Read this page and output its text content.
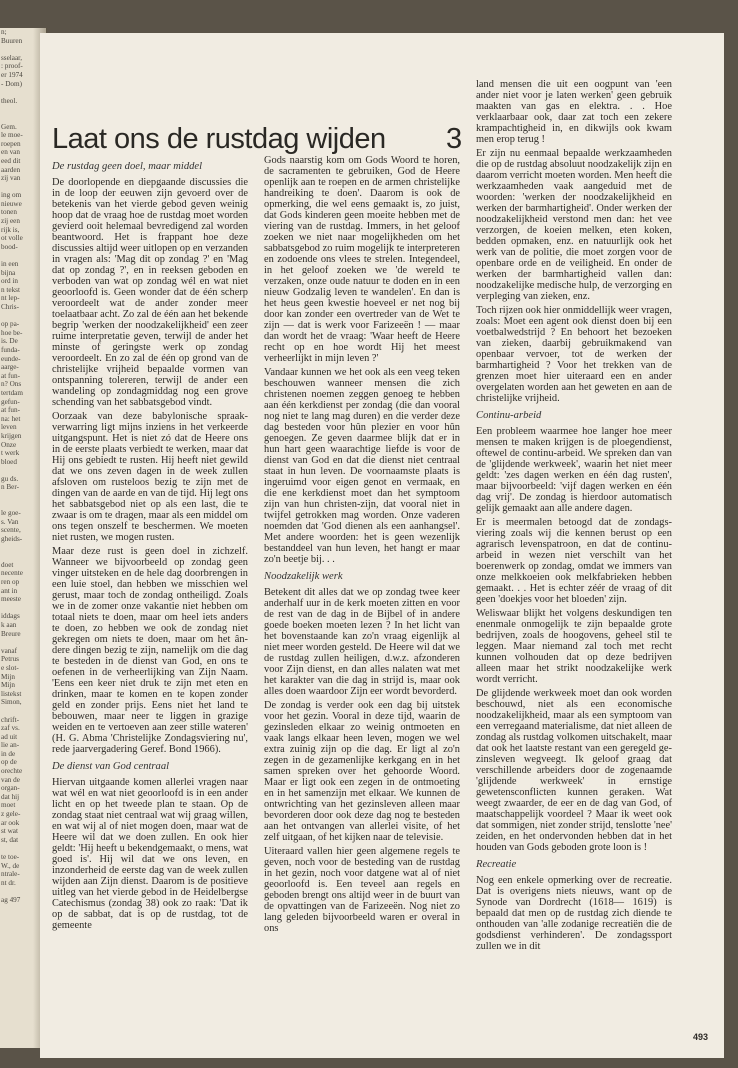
n;
Buuren

sselaar,
: proof-
er 1974
- Dom)

theol.

Gem.
le moe-
roepen
en van
eed dit
aarden
zij van

ing om
nieuwe
tonen
zij een
rijk is,
ot volle
bood-

in een
bijna
ord in
n tekst
nt lep-
Chris-

op pa-
hoe be-
is. De
funda-
eunde-
aarge-
at fun-
n? Ons
tertdam
gefun-
at fun-
na: het
leven
krijgen
Onze
t werk
bloed

gu ds.
n Ber-

le goe-
s. Van
scente,
gheids-

doet
necente
ren op
ant in
meeste

iddags
k aan
Breure

vanaf
Petrus
e slot-
Mijn
Mijn
listekst
Simon,

chrift-
zaf vs.
ad uit
lie an-
in de
op de
orechte
van de
organ-
dat hij
moet
z gele-
ar ook
st wat
st, dat

te toe-
W., de
ntrale-
nt dr.

ag 497
Laat ons de rustdag wijden 3
De rustdag geen doel, maar middel

De doorlopende en diepgaande discussies die in de loop der eeuwen zijn gevoerd over de betekenis van het vierde gebod geven weinig hoop dat de vraag hoe de rustdag moet worden gevierd ooit helemaal bevredigend zal worden beantwoord. Het is frappant hoe deze discussies altijd weer uitlopen op en verzanden in vragen als: 'Mag dit op zondag ?' en 'Mag dat op zondag ?', en in reeksen geboden en verboden van wat op zondag wél en wat niet geoorloofd is. Geen wonder dat de één scherp veroordeelt wat de ander zonder meer toelaatbaar acht. Zo zal de één aan het bekende begrip 'werken der noodzakelijkheid' een zeer ruime interpretatie geven, terwijl de ander het minste of geringste werk op zondag veroordeelt. En zo zal de één op grond van de christelijke vrijheid bepaalde vormen van ontspanning tolereren, terwijl de ander een wandeling op zondagmiddag nog een grove schending van het sabbatsgebod vindt.

Oorzaak van deze babylonische spraakverwarring ligt mijns inziens in het verkeerde uitgangspunt. Het is niet zó dat de Heere ons in de eerste plaats verbiedt te werken, maar dat Hij ons gebiedt te rusten. Hij heeft niet gewild dat we ons zeven dagen in de week zullen afsloven om rusteloos bezig te zijn met de dingen van de aarde en van de tijd. Hij legt ons het sabbatsgebod niet op als een last, die te zwaar is om te dragen, maar als een middel om ons tegen onszelf te beschermen. We moeten niet rusten, we mogen rusten.

Maar deze rust is geen doel in zichzelf. Wanneer we bijvoorbeeld op zondag geen vinger uitsteken en de hele dag doorbrengen in een luie stoel, dan hebben we misschien wel gerust, maar toch de zondag ontheiligd. Zoals we in de zomer onze vakantie niet hebben om totaal niets te doen, maar om heel iets anders te doen, zo hebben we ook de zondag niet gekregen om niets te doen, maar om het ândere dingen bezig te zijn, namelijk om die dag te besteden in de dienst van God, en ons te oefenen in de verheerlijking van Zijn Naam. 'Eens een keer niet druk te zijn met eten en drinken, maar te komen en te kopen zonder geld en zonder prijs. Eens niet het land te bebouwen, maar neer te liggen in grazige weiden en te vertoeven aan zeer stille wateren' (H. G. Abma 'Christelijke Zondagsviering nu', rede jaarvergadering Geref. Bond 1966).

De dienst van God centraal

Hiervan uitgaande komen allerlei vragen naar wat wél en wat niet geoorloofd is in een ander licht en op het tweede plan te staan. Op de zondag staat niet centraal wat wij graag willen, en wat wij al of niet mogen doen, maar wat de Heere wil dat we doen zullen. En ook hier geldt: 'Hij heeft u bekendgemaakt, o mens, wat goed is'. Hij wil dat we ons leven, en inzonderheid de eerste dag van de week zullen wijden aan Zijn dienst. Daarom is de positieve uitleg van het vierde gebod in de Heidelbergse Catechismus (zondag 38) ook zo raak: 'Dat ik op de sabbat, dat is op de rustdag, tot de gemeente

Gods naarstig kom om Gods Woord te horen, de sacramenten te gebruiken, God de Heere openlijk aan te roepen en de armen christelijke handreiking te doen'. Daarom is ook de opmerking, die wel eens gemaakt is, zo juist, dat Gods kinderen geen moeite hebben met de viering van de rustdag. Immers, in het geloof zoeken we niet naar mogelijkheden om het sabbatsgebod zo ruim mogelijk te interpreteren en zodoende ons vlees te strelen. Integendeel, in het geloof zoeken we 'de wereld te verzaken, onze oude natuur te doden en in een nieuw Godzalig leven te wandelen'. En dan is het heus geen kwestie hoeveel er net nog bij door kan zonder een overtreder van de Wet te zijn — dat is werk voor Farizeeën ! — maar dan wordt het de vraag: 'Waar heeft de Heere recht op en hoe wordt Hij het meest verheerlijkt in mijn leven ?'

Vandaar kunnen we het ook als een veeg teken beschouwen wanneer mensen die zich christenen noemen zeggen genoeg te hebben aan één kerkdienst per zondag (die dan vooral nog niet te lang mag duren) en die verder deze dag besteden voor hûn plezier en voor hûn genoegen. Ze geven daarmee blijk dat er in hun hart geen waarachtige liefde is voor de dienst van God en dat die dienst niet centraal staat in hun leven. De voornaamste plaats is ingeruimd voor eigen genot en vermaak, en die ene kerkdienst moet dan het symptoom zijn van hun christen-zijn, dat vooral niet in twijfel getrokken mag worden. Onze vaderen noemden dat 'God dienen als een aanhangsel'. Met andere woorden: het is geen wezenlijk bestanddeel van hun leven, het hangt er maar zo'n beetje bij. . .

Noodzakelijk werk

Betekent dit alles dat we op zondag twee keer anderhalf uur in de kerk moeten zitten en voor de rest van de dag in de Bijbel of in andere goede boeken moeten lezen ? In het licht van het bovenstaande kan zo'n vraag eigenlijk al niet meer worden gesteld. De Heere wil dat we de rustdag zullen heiligen, d.w.z. afzonderen voor Zijn dienst, en dan alles nalaten wat met het karakter van die dag in strijd is, maar ook alles doen waardoor Zijn eer wordt bevorderd.

De zondag is verder ook een dag bij uitstek voor het gezin. Vooral in deze tijd, waarin de gezinsleden elkaar zo weinig ontmoeten en vaak langs elkaar heen leven, mogen we wel extra zuinig zijn op die dag. Er ligt al zo'n zegen in de gezamenlijke kerkgang en in het samen spreken over het gehoorde Woord. Maar er ligt ook een zegen in de ontmoeting en in het samenzijn met elkaar. We kunnen de ontwrichting van het gezinsleven alleen maar bevorderen door ook deze dag nog te besteden aan het ontvangen van allerlei visite, of het zelf uitgaan, of het kijken naar de televisie.

Uiteraard vallen hier geen algemene regels te geven, noch voor de besteding van de rustdag in het gezin, noch voor datgene wat al of niet geoorloofd is. Een teveel aan regels en geboden brengt ons altijd weer in de buurt van de opvattingen van de Farizeeën. Nog niet zo lang geleden bijvoorbeeld waren er overal in ons

land mensen die uit een oogpunt van 'een ander niet voor je laten werken' geen gebruik maakten van gas en elektra. . . Hoe verklaarbaar ook, daar zat toch een zekere krampachtigheid in, en dikwijls ook kwam men erop terug !

Er zijn nu eenmaal bepaalde werkzaamheden die op de rustdag absoluut noodzakelijk zijn en daarom verricht moeten worden. Men heeft die werkzaamheden vaak aangeduid met de woorden: 'werken der noodzakelijkheid en werken der barmhartigheid'. Onder werken der noodzakelijkheid verstond men dan: het vee verzorgen, de koeien melken, eten koken, bedden opmaken, enz. en natuurlijk ook het werk van de politie, die moet zorgen voor de openbare orde en de veiligheid. En onder de werken der barmhartigheid vallen dan: noodzakelijke medische hulp, de verzorging en verpleging van zieken, enz.

Toch rijzen ook hier onmiddellijk weer vragen, zoals: Moet een agent ook dienst doen bij een voetbalwedstrijd ? En behoort het bezoeken van zieken, daarbij gebruikmakend van openbaar vervoer, tot de werken der barmhartigheid ? Voor het trekken van de grenzen moet hier uiteraard een en ander overgelaten worden aan het geweten en aan de christelijke vrijheid.

Continu-arbeid

Een probleem waarmee hoe langer hoe meer mensen te maken krijgen is de ploegendienst, oftewel de continu-arbeid. We spreken dan van de 'glijdende werkweek', waarin het niet meer geldt: 'zes dagen werken en één dag rusten', maar bijvoorbeeld: 'vijf dagen werken en één dag vrij'. De zondag is hierdoor automatisch gelijk gemaakt aan alle andere dagen.

Er is meermalen betoogd dat de zondagsviering zoals wij die kennen berust op een agrarisch levenspatroon, en dat de continu-arbeid in wezen niet verschilt van het boerenwerk op zondag, omdat we immers van onze melkkoeien ook melkfabrieken hebben gemaakt. . . Het is echter zéér de vraag of dit geen 'doekjes voor het bloeden' zijn.

Weliswaar blijkt het volgens deskundigen ten enenmale onmogelijk te zijn bepaalde grote bedrijven, zoals de hoogovens, geheel stil te leggen. Maar niemand zal toch met recht kunnen volhouden dat op deze bedrijven alleen maar het strikt noodzakelijke werk wordt verricht.

De glijdende werkweek moet dan ook worden beschouwd, niet als een economische noodzakelijkheid, maar als een symptoom van een verregaand materialisme, dat niet alleen de zondag als rustdag volkomen uitschakelt, maar dat ook het laatste restant van een geregeld gezinsleven wegveegt. Ik geloof graag dat verschillende arbeiders door de zogenaamde 'glijdende werkweek' in ernstige gewetensconflicten kunnen geraken. Wat weegt zwaarder, de eer en de dag van God, of maatschappelijk voordeel ? Maar ik weet ook dat sommigen, niet zonder strijd, tenslotte 'nee' zeiden, en het ondervonden hebben dat in het houden van Gods geboden grote loon is !

Recreatie

Nog een enkele opmerking over de recreatie. Dat is overigens niets nieuws, want op de Synode van Dordrecht (1618— 1619) is bepaald dat men op de rustdag zich diende te onthouden van 'alle zodanige recreatiën die de godsdienst verhinderen'. De zondagssport zullen we in dit

493
